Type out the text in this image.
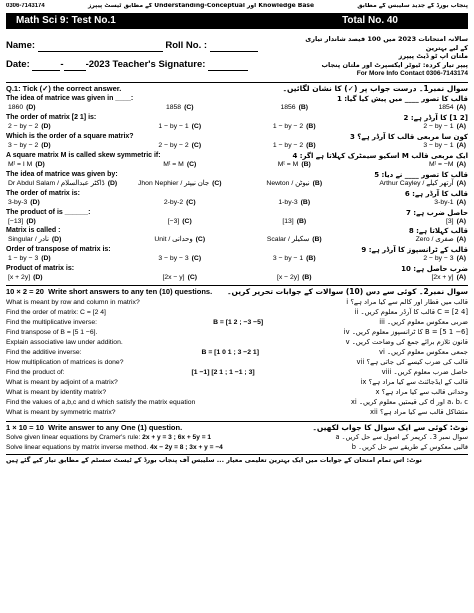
0306-7143174	Knowledge Base اور Understanding-Conceptual کے مطابق ٹیسٹ پیپرز	پنجاب بورڈ کے جدید سلیبس کے مطابق
Math Sci 9: Test No.1	Total No. 40
Name:	Roll No. :
Date:	- -2023 Teacher's Signature:
سالانہ امتحانات 2023 میں 100 فیصد شاندار تیاری کے لیے بہترین
ملتان اپ ٹو ڈیٹ پیپرز
پیپر تیار کردہ: ٹیوٹر ایکسپرٹ اور ملتان پنجاب
For More Info Contact 0306-7143174
Q.1: Tick (✓) the correct answer.	سوال نمبر1۔ درست جواب پر (✓) کا نشان لگائیں۔
The idea of matrice was given in ____:	قالب کا تصور ____ میں پیش کیا گیا: 1
1860 (D)	1858 (C)	1856 (B)	1854 (A)
The order of matrix [2 1] is:	[2 1] کا آرڈر ہے: 2
2 − by − 2 (D)	1 − by − 1 (C)	1 − by − 2 (B)	2 − by − 1 (A)
Which is the order of a square matrix?	کون سا مربعی قالب کا آرڈر ہے؟ 3
3 − by − 2 (D)	2 − by − 2 (C)	1 − by − 2 (B)	3 − by − 1 (A)
A square matrix M is called skew symmetric if:	ایک مربعی قالب M اسکیو سیمٹرک کہلاتا ہے اگر: 4
Mᵗ = I M (D)	Mᵗ = M (C)	Mᵗ = M (B)	Mᵗ = −M (A)
The idea of matrice was given by:	قالب کا تصور ____ نے دیا: 5
Dr Abdul Salam / ڈاکٹر عبدالسلام (D)	Jhon Nephier / جان نیپئر (C)	Newton / نیوٹن (B)	Arthur Cayley / آرتھر کیلے (A)
The order of matrix is:	قالب کا آرڈر ہے: 6
3-by-3 (D)	2-by-2 (C)	1-by-3 (B)	3-by-1 (A)
The product of is ______:	حاصل ضرب ہے: 7
[−13] (D)	[−3] (C)	[13] (B)	[3] (A)
Matrix is called :	قالب کہلاتا ہے: 8
Singular / نادر (D)	Unit / وحدانی (C)	Scalar / سکیلر (B)	Zero / صفری (A)
Order of transpose of matrix is:	قالب کے ٹرانسپوز کا آرڈر ہے: 9
1 − by − 3 (D)	3 − by − 3 (C)	3 − by − 1 (B)	2 − by − 3 (A)
Product of matrix is:	ضرب حاصل ہے: 10
[x + 2y] (D)	[2x − y] (C)	[x − 2y] (B)	[2x + y] (A)
10 × 2 = 20 Write short answers to any ten (10) questions. سوال نمبر2۔ کوئی سے دس (10) سوالات کے جوابات تحریر کریں۔
What is meant by row and column in matrix?	قالب میں قطار اور کالم سے کیا مراد ہے؟ i
Find the order of matrix: C = [2 4]	C = [2 4] قالب کا آرڈر معلوم کریں۔ ii
Find the multiplicative inverse:	B = [1 2 ; −3 −5]	ضربی معکوس معلوم کریں۔ iii
Find transpose of B = [5 1 −6].	B = [5 1 −6] کا ٹرانسپوز معلوم کریں۔ iv
Explain associative law under addition.	قانون تلازم برائے جمع کی وضاحت کریں۔ v
Find the additive inverse:	B = [1 0 1 ; 3 −2 1]	جمعی معکوس معلوم کریں۔ vi
How multiplication of matrices is done?	قالب کی ضرب کیسے کی جاتی ہے؟ vii
Find the product of:	[1 −1] [2 1 ; 1 −1 ; 3]	حاصل ضرب معلوم کریں۔ viii
What is meant by adjoint of a matrix?	قالب کے ایڈجائنٹ سے کیا مراد ہے؟ ix
What is meant by identity matrix?	وحدانی قالب سے کیا مراد ہے؟ x
Find the values of a,b,c and d which satisfy the matrix equation	a، b، c اور d کی قیمتیں معلوم کریں۔ xi
What is meant by symmetric matrix?	متشاکل قالب سے کیا مراد ہے؟ xii
1 × 10 = 10 Write answer to any One (1) question.	نوٹ: کوئی سے ایک سوال کا جواب لکھیں۔
Solve given linear equations by Cramer's rule: 2x + y = 3 ; 6x + 5y = 1	سوال نمبر 3۔ کریمر کے اصول سے حل کریں۔ a
Solve linear equations by matrix inverse method. 4x − 2y = 8 ; 3x + y = −4	قالبی معکوس کے طریقے سے حل کریں۔ b
نوٹ: اس تمام امتحان کے جوابات میں ایک بہترین تعلیمی معیار ... سلیبس آف پنجاب بورڈ کے ٹیسٹ سسٹم کے مطابق تیار کیے گئے ہیں
